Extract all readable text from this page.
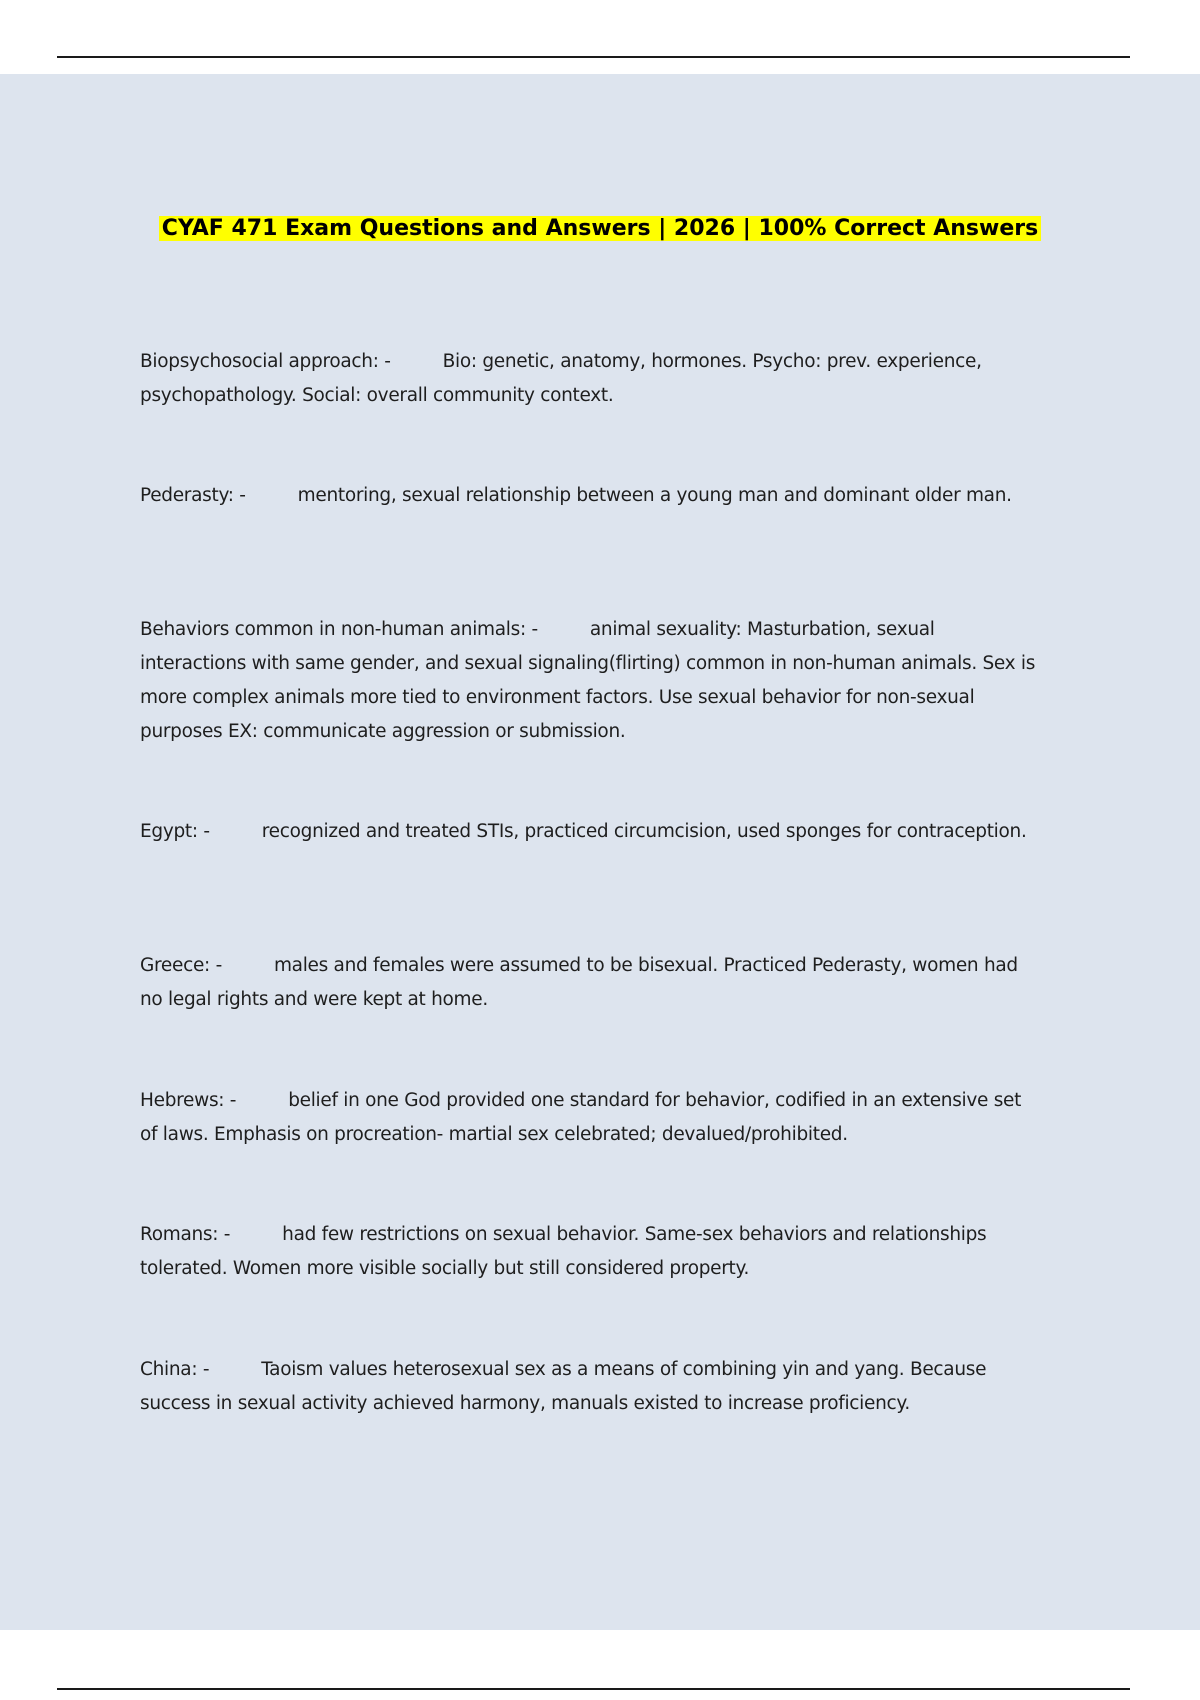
CYAF 471 Exam Questions and Answers | 2026 | 100% Correct Answers
Biopsychosocial approach: -	Bio: genetic, anatomy, hormones. Psycho: prev. experience, psychopathology. Social: overall community context.
Pederasty: -	mentoring, sexual relationship between a young man and dominant older man.
Behaviors common in non-human animals: -	animal sexuality: Masturbation, sexual interactions with same gender, and sexual signaling(flirting) common in non-human animals. Sex is more complex animals more tied to environment factors. Use sexual behavior for non-sexual purposes EX: communicate aggression or submission.
Egypt: -	recognized and treated STIs, practiced circumcision, used sponges for contraception.
Greece: -	males and females were assumed to be bisexual. Practiced Pederasty, women had no legal rights and were kept at home.
Hebrews: -	belief in one God provided one standard for behavior, codified in an extensive set of laws. Emphasis on procreation- martial sex celebrated; devalued/prohibited.
Romans: -	had few restrictions on sexual behavior. Same-sex behaviors and relationships tolerated. Women more visible socially but still considered property.
China: -	Taoism values heterosexual sex as a means of combining yin and yang. Because success in sexual activity achieved harmony, manuals existed to increase proficiency.
